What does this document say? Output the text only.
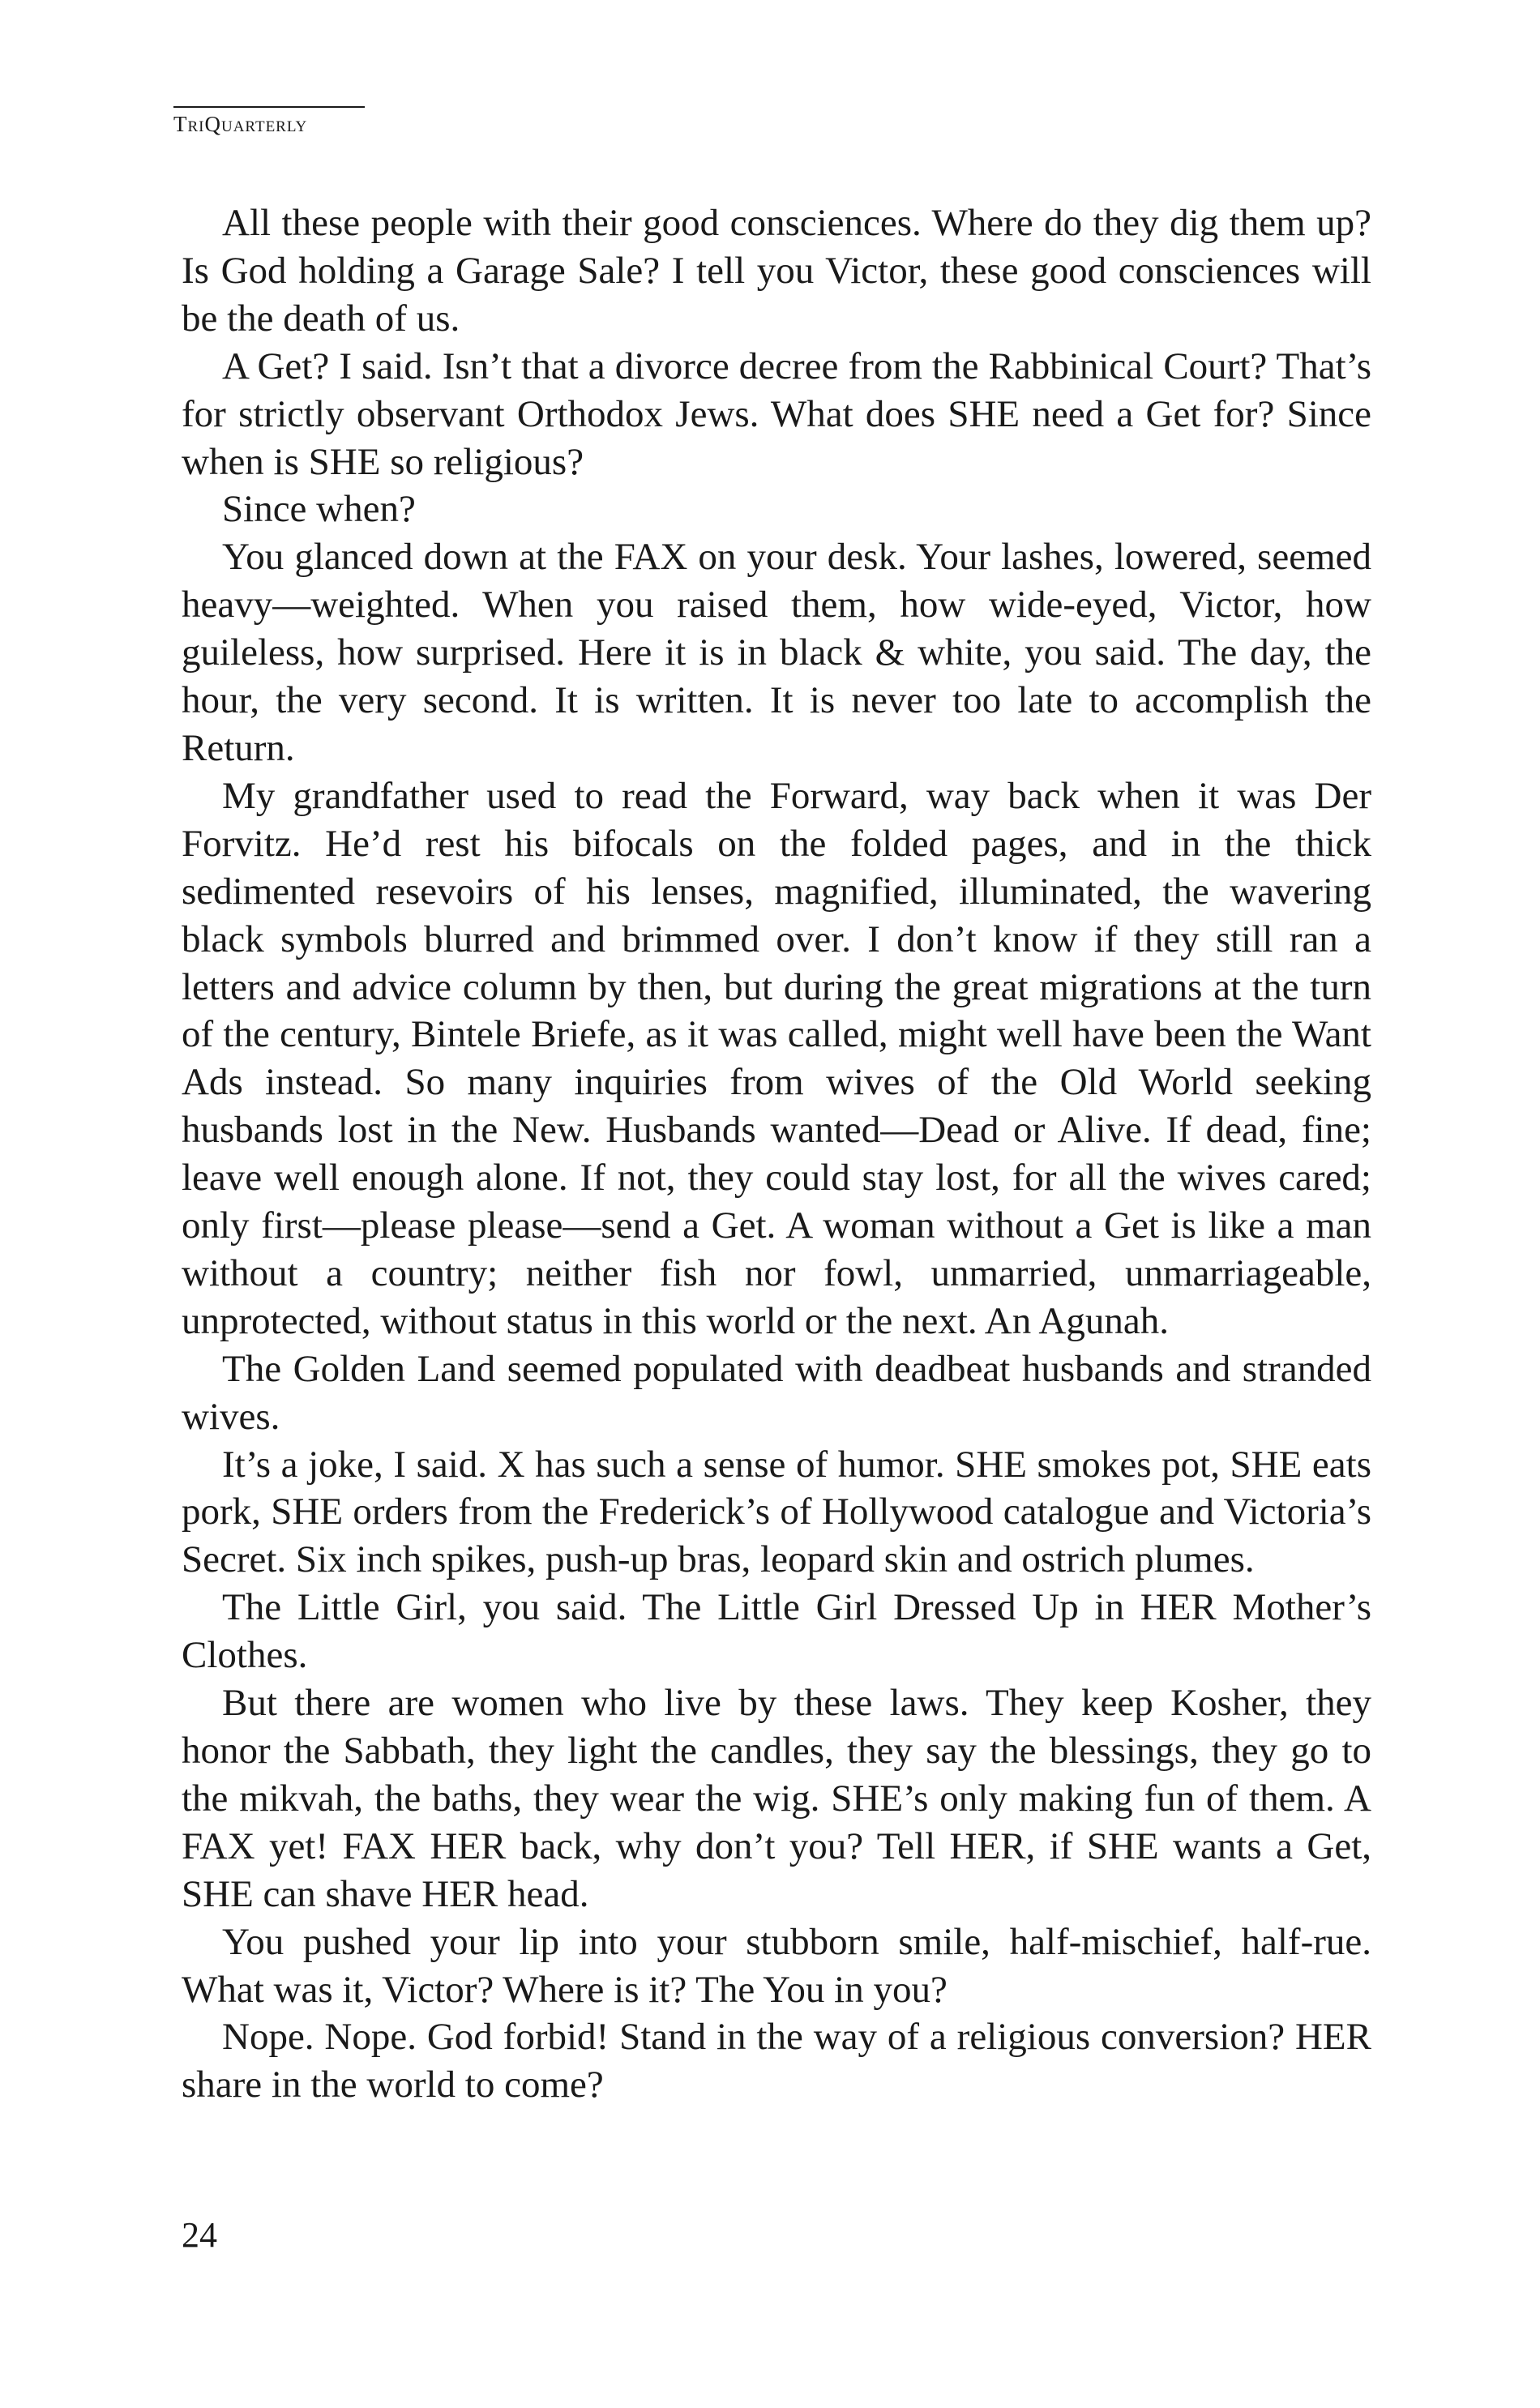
TriQuarterly

All these people with their good consciences. Where do they dig them up? Is God holding a Garage Sale? I tell you Victor, these good consciences will be the death of us.

A Get? I said. Isn’t that a divorce decree from the Rabbinical Court? That’s for strictly observant Orthodox Jews. What does SHE need a Get for? Since when is SHE so religious?

Since when?

You glanced down at the FAX on your desk. Your lashes, lowered, seemed heavy—weighted. When you raised them, how wide-eyed, Victor, how guileless, how surprised. Here it is in black & white, you said. The day, the hour, the very second. It is written. It is never too late to accomplish the Return.

My grandfather used to read the Forward, way back when it was Der Forvitz. He’d rest his bifocals on the folded pages, and in the thick sedimented resevoirs of his lenses, magnified, illuminated, the wavering black symbols blurred and brimmed over. I don’t know if they still ran a letters and advice column by then, but during the great migrations at the turn of the century, Bintele Briefe, as it was called, might well have been the Want Ads instead. So many inquiries from wives of the Old World seeking husbands lost in the New. Husbands wanted—Dead or Alive. If dead, fine; leave well enough alone. If not, they could stay lost, for all the wives cared; only first—please please—send a Get. A woman without a Get is like a man without a country; neither fish nor fowl, unmarried, unmarriageable, unprotected, without status in this world or the next. An Agunah.

The Golden Land seemed populated with deadbeat husbands and stranded wives.

It’s a joke, I said. X has such a sense of humor. SHE smokes pot, SHE eats pork, SHE orders from the Frederick’s of Hollywood catalogue and Victoria’s Secret. Six inch spikes, push-up bras, leopard skin and ostrich plumes.

The Little Girl, you said. The Little Girl Dressed Up in HER Mother’s Clothes.

But there are women who live by these laws. They keep Kosher, they honor the Sabbath, they light the candles, they say the blessings, they go to the mikvah, the baths, they wear the wig. SHE’s only making fun of them. A FAX yet! FAX HER back, why don’t you? Tell HER, if SHE wants a Get, SHE can shave HER head.

You pushed your lip into your stubborn smile, half-mischief, half-rue. What was it, Victor? Where is it? The You in you?

Nope. Nope. God forbid! Stand in the way of a religious conversion? HER share in the world to come?

24
